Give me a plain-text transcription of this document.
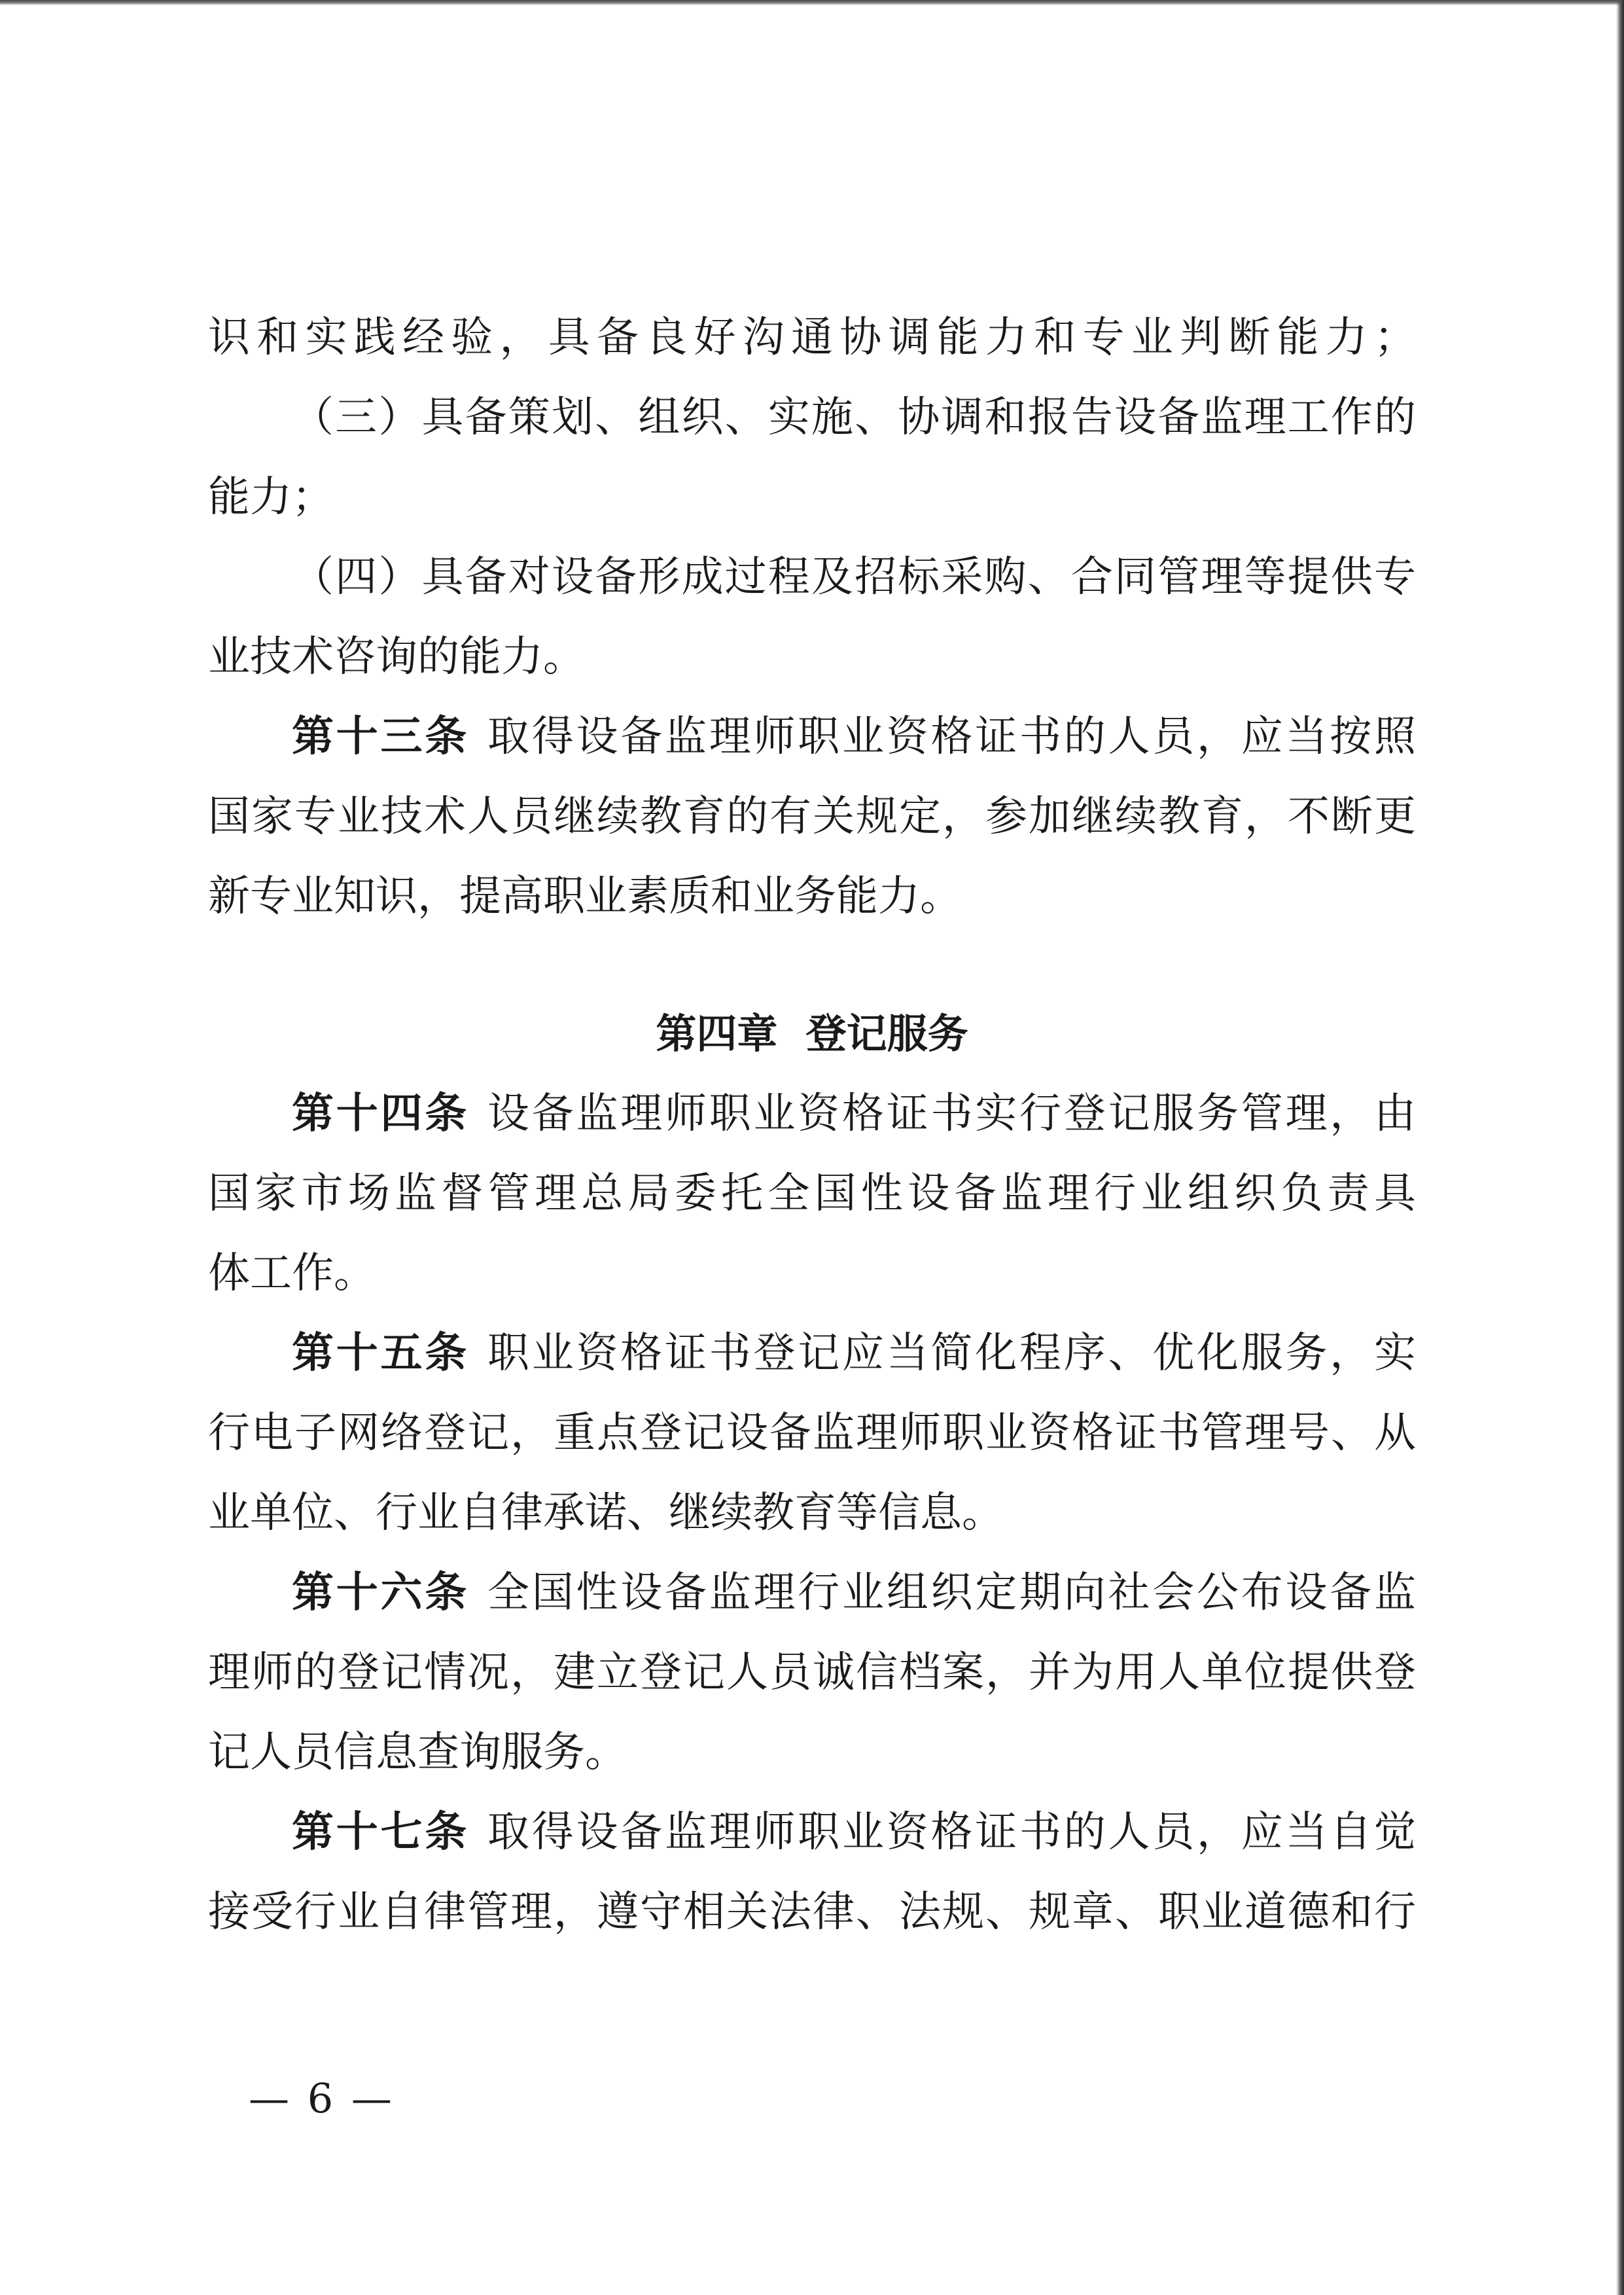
识和实践经验，具备良好沟通协调能力和专业判断能力；

（三）具备策划、组织、实施、协调和报告设备监理工作的

能力；

（四）具备对设备形成过程及招标采购、合同管理等提供专

业技术咨询的能力。

第十三条 取得设备监理师职业资格证书的人员，应当按照

国家专业技术人员继续教育的有关规定，参加继续教育，不断更

新专业知识，提高职业素质和业务能力。

第四章  登记服务

第十四条 设备监理师职业资格证书实行登记服务管理，由

国家市场监督管理总局委托全国性设备监理行业组织负责具

体工作。

第十五条 职业资格证书登记应当简化程序、优化服务，实

行电子网络登记，重点登记设备监理师职业资格证书管理号、从

业单位、行业自律承诺、继续教育等信息。

第十六条 全国性设备监理行业组织定期向社会公布设备监

理师的登记情况，建立登记人员诚信档案，并为用人单位提供登

记人员信息查询服务。

第十七条 取得设备监理师职业资格证书的人员，应当自觉

接受行业自律管理，遵守相关法律、法规、规章、职业道德和行

— 6 —
